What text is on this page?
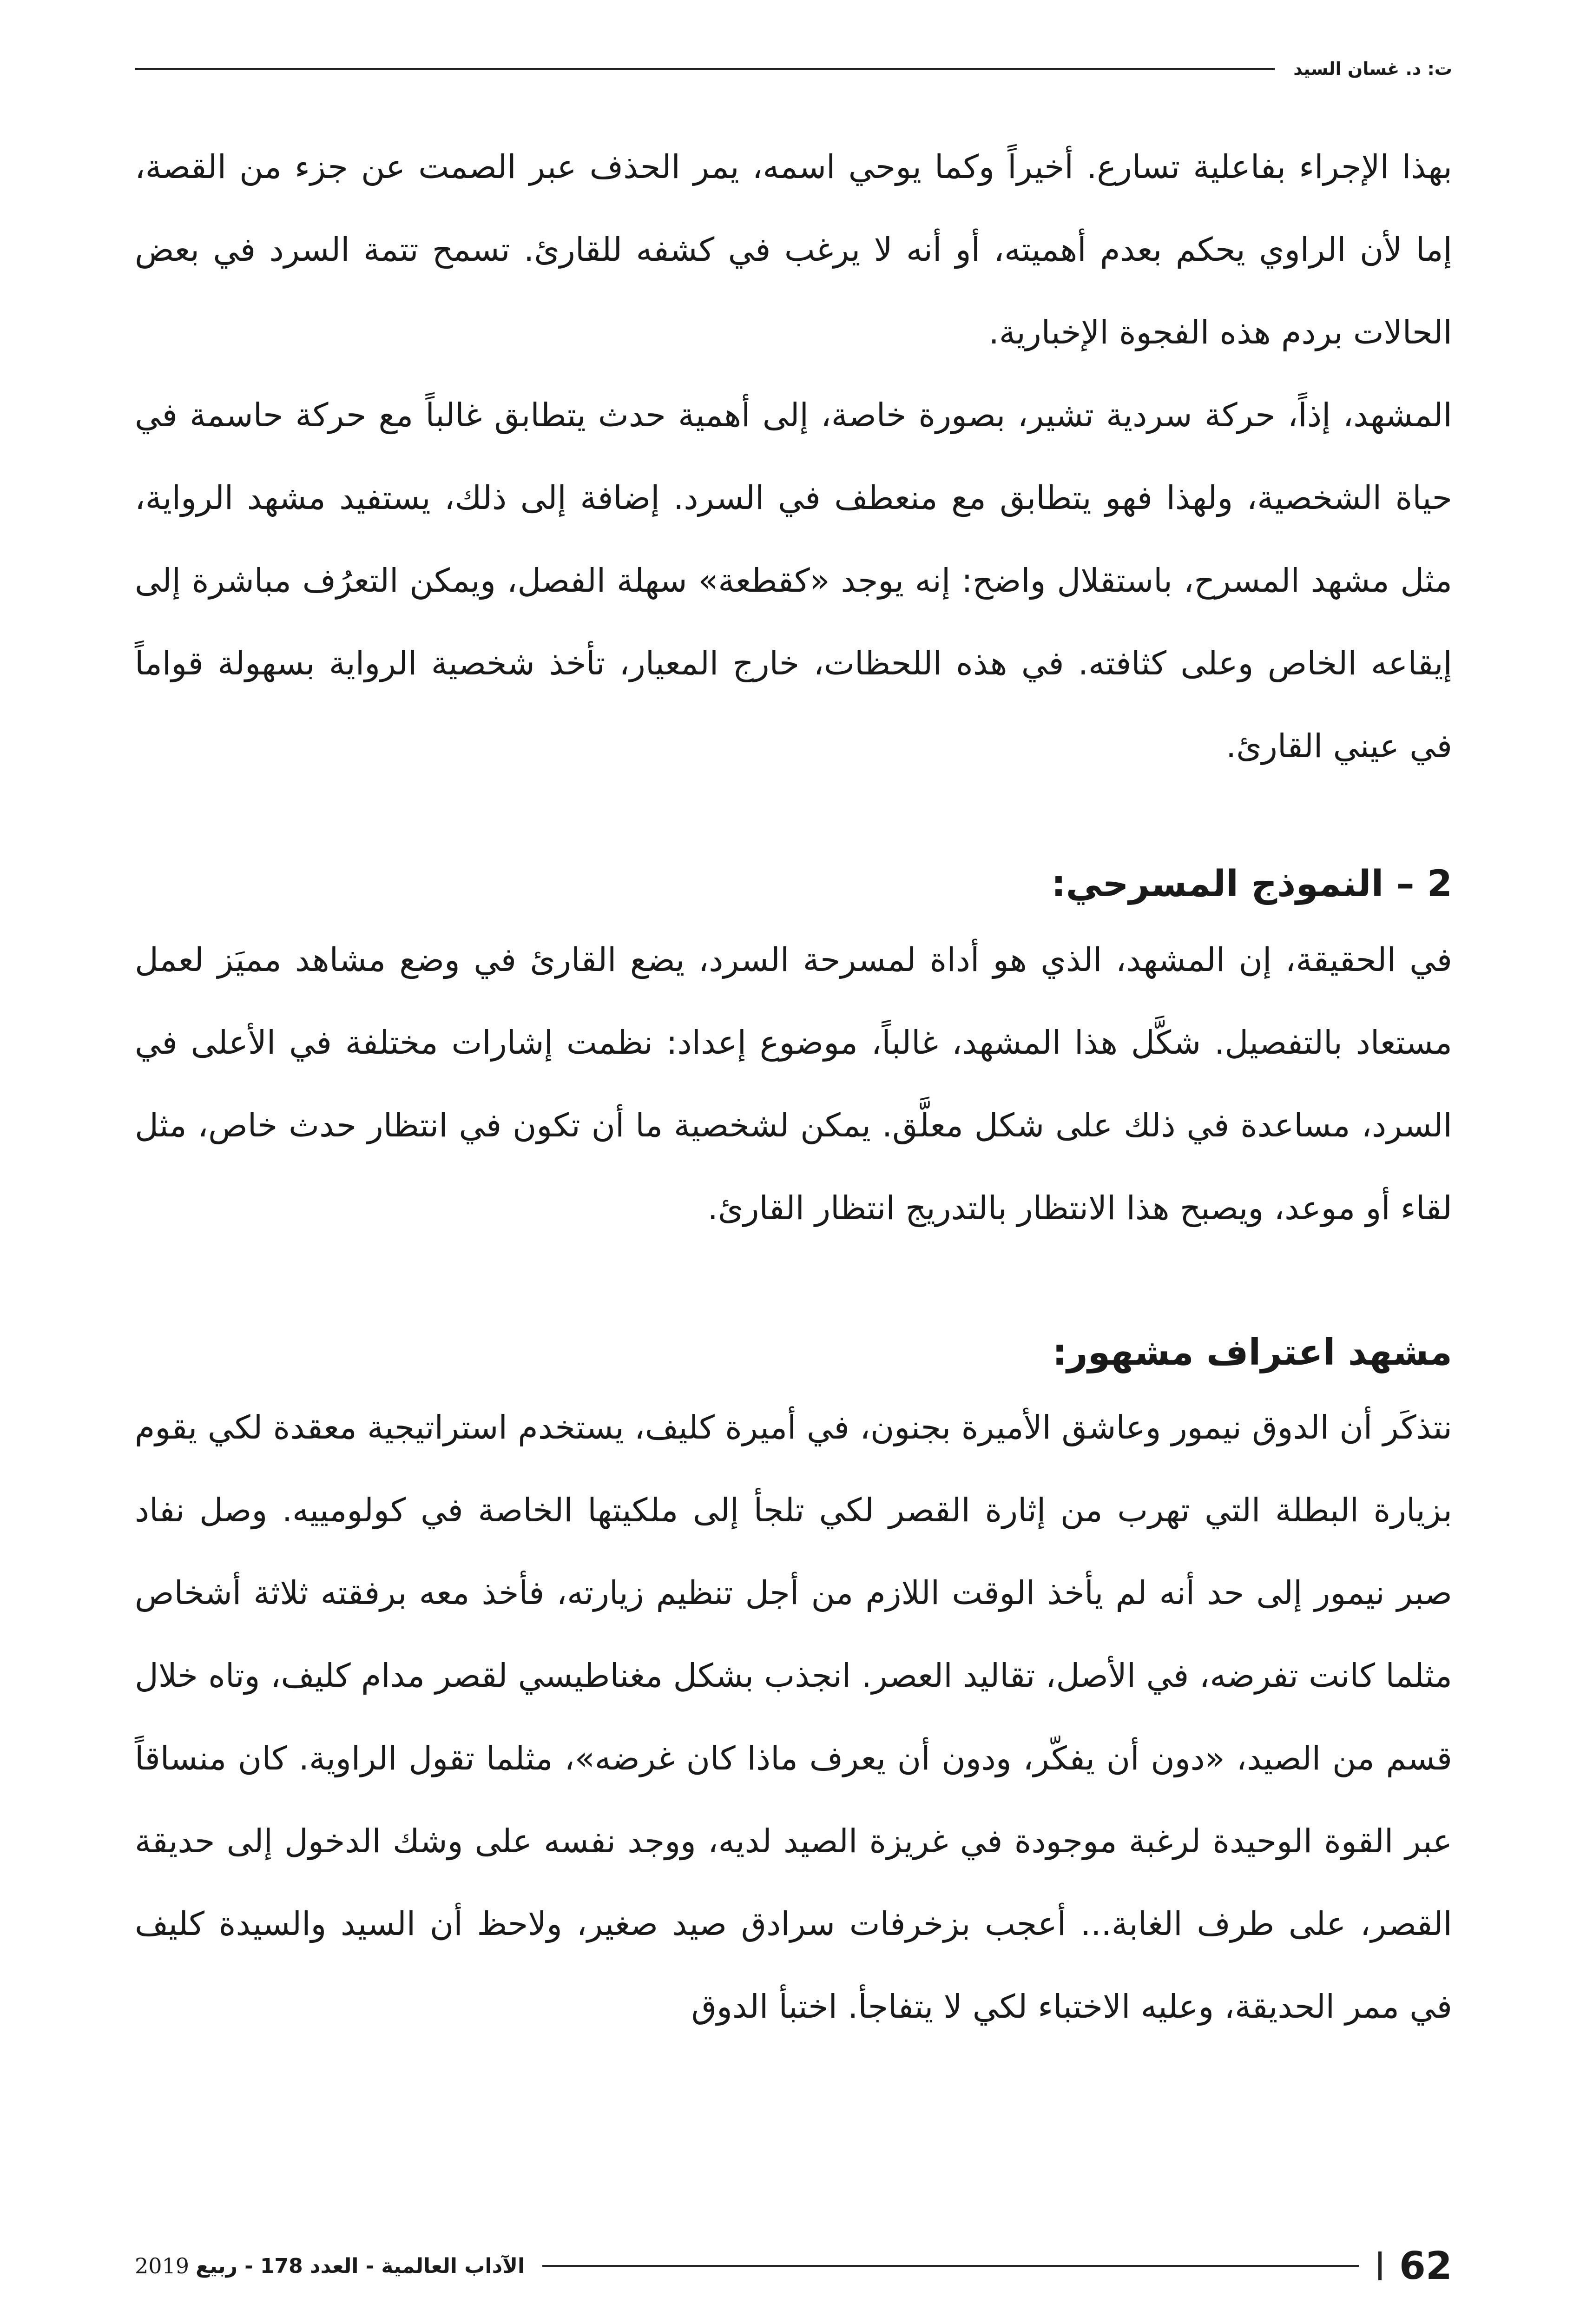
ت: د. غسان السيد

بهذا الإجراء بفاعلية تسارع. أخيراً وكما يوحي اسمه، يمر الحذف عبر الصمت عن جزء من القصة، إما لأن الراوي يحكم بعدم أهميته، أو أنه لا يرغب في كشفه للقارئ. تسمح تتمة السرد في بعض الحالات بردم هذه الفجوة الإخبارية.

المشهد، إذاً، حركة سردية تشير، بصورة خاصة، إلى أهمية حدث يتطابق غالباً مع حركة حاسمة في حياة الشخصية، ولهذا فهو يتطابق مع منعطف في السرد. إضافة إلى ذلك، يستفيد مشهد الرواية، مثل مشهد المسرح، باستقلال واضح: إنه يوجد «كقطعة» سهلة الفصل، ويمكن التعرُف مباشرة إلى إيقاعه الخاص وعلى كثافته. في هذه اللحظات، خارج المعيار، تأخذ شخصية الرواية بسهولة قواماً في عيني القارئ.

2 – النموذج المسرحي:

في الحقيقة، إن المشهد، الذي هو أداة لمسرحة السرد، يضع القارئ في وضع مشاهد مميَز لعمل مستعاد بالتفصيل. شكَّل هذا المشهد، غالباً، موضوع إعداد: نظمت إشارات مختلفة في الأعلى في السرد، مساعدة في ذلك على شكل معلَّق. يمكن لشخصية ما أن تكون في انتظار حدث خاص، مثل لقاء أو موعد، ويصبح هذا الانتظار بالتدريج انتظار القارئ.

مشهد اعتراف مشهور:

نتذكَر أن الدوق نيمور وعاشق الأميرة بجنون، في أميرة كليف، يستخدم استراتيجية معقدة لكي يقوم بزيارة البطلة التي تهرب من إثارة القصر لكي تلجأ إلى ملكيتها الخاصة في كولومييه. وصل نفاد صبر نيمور إلى حد أنه لم يأخذ الوقت اللازم من أجل تنظيم زيارته، فأخذ معه برفقته ثلاثة أشخاص مثلما كانت تفرضه، في الأصل، تقاليد العصر. انجذب بشكل مغناطيسي لقصر مدام كليف، وتاه خلال قسم من الصيد، «دون أن يفكّر، ودون أن يعرف ماذا كان غرضه»، مثلما تقول الراوية. كان منساقاً عبر القوة الوحيدة لرغبة موجودة في غريزة الصيد لديه، ووجد نفسه على وشك الدخول إلى حديقة القصر، على طرف الغابة... أعجب بزخرفات سرادق صيد صغير، ولاحظ أن السيد والسيدة كليف في ممر الحديقة، وعليه الاختباء لكي لا يتفاجأ. اختبأ الدوق

62
الآداب العالمية - العدد 178 - ربيع
2019
